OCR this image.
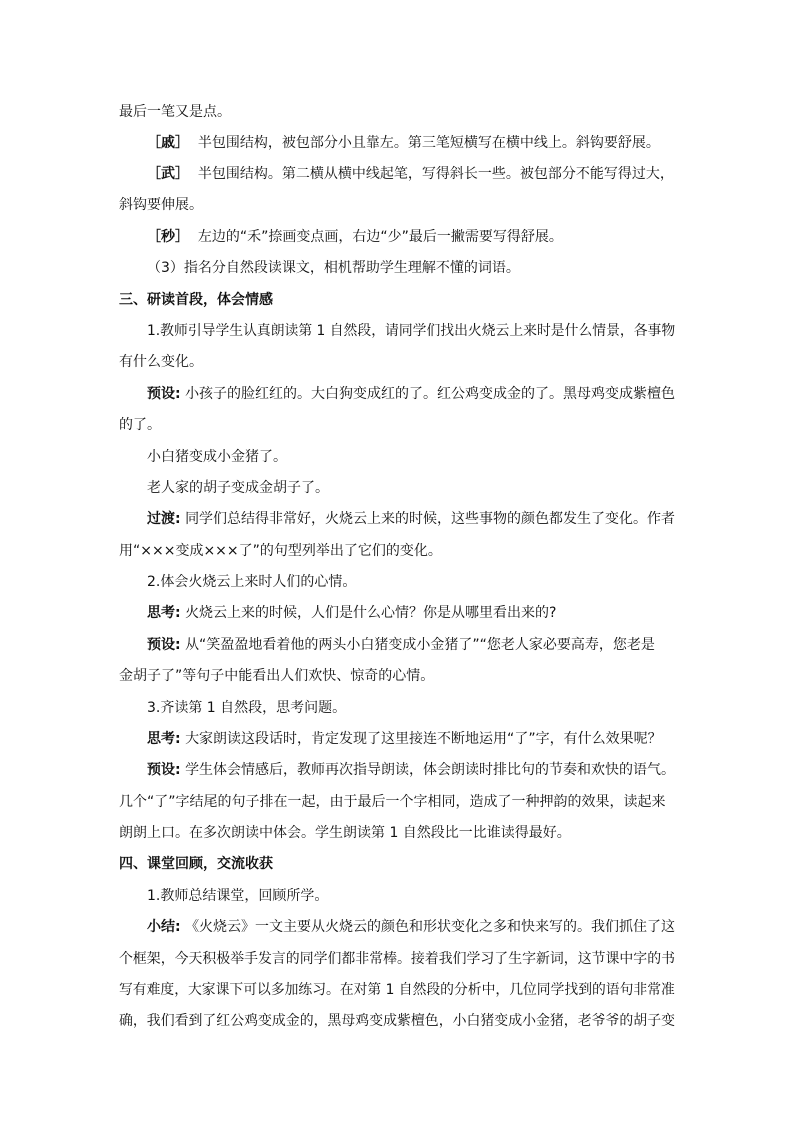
最后一笔又是点。
［戚］ 半包围结构，被包部分小且靠左。第三笔短横写在横中线上。斜钩要舒展。
［武］ 半包围结构。第二横从横中线起笔，写得斜长一些。被包部分不能写得过大，
斜钩要伸展。
［秒］ 左边的“禾”捺画变点画，右边“少”最后一撇需要写得舒展。
（3）指名分自然段读课文，相机帮助学生理解不懂的词语。
三、研读首段，体会情感
1.教师引导学生认真朗读第 1 自然段，请同学们找出火烧云上来时是什么情景，各事物
有什么变化。
预设: 小孩子的脸红红的。大白狗变成红的了。红公鸡变成金的了。黑母鸡变成紫檀色
的了。
小白猪变成小金猪了。
老人家的胡子变成金胡子了。
过渡: 同学们总结得非常好，火烧云上来的时候，这些事物的颜色都发生了变化。作者
用“×××变成×××了”的句型列举出了它们的变化。
2.体会火烧云上来时人们的心情。
思考: 火烧云上来的时候，人们是什么心情？你是从哪里看出来的?
预设: 从“笑盈盈地看着他的两头小白猪变成小金猪了”“您老人家必要高寿，您老是
金胡子了”等句子中能看出人们欢快、惊奇的心情。
3.齐读第 1 自然段，思考问题。
思考: 大家朗读这段话时，肯定发现了这里接连不断地运用“了”字，有什么效果呢？
预设: 学生体会情感后，教师再次指导朗读，体会朗读时排比句的节奏和欢快的语气。
几个“了”字结尾的句子排在一起，由于最后一个字相同，造成了一种押韵的效果，读起来
朗朗上口。在多次朗读中体会。学生朗读第 1 自然段比一比谁读得最好。
四、课堂回顾，交流收获
1.教师总结课堂，回顾所学。
小结: 《火烧云》一文主要从火烧云的颜色和形状变化之多和快来写的。我们抓住了这
个框架，今天积极举手发言的同学们都非常棒。接着我们学习了生字新词，这节课中字的书
写有难度，大家课下可以多加练习。在对第 1 自然段的分析中，几位同学找到的语句非常准
确，我们看到了红公鸡变成金的，黑母鸡变成紫檀色，小白猪变成小金猪，老爷爷的胡子变
